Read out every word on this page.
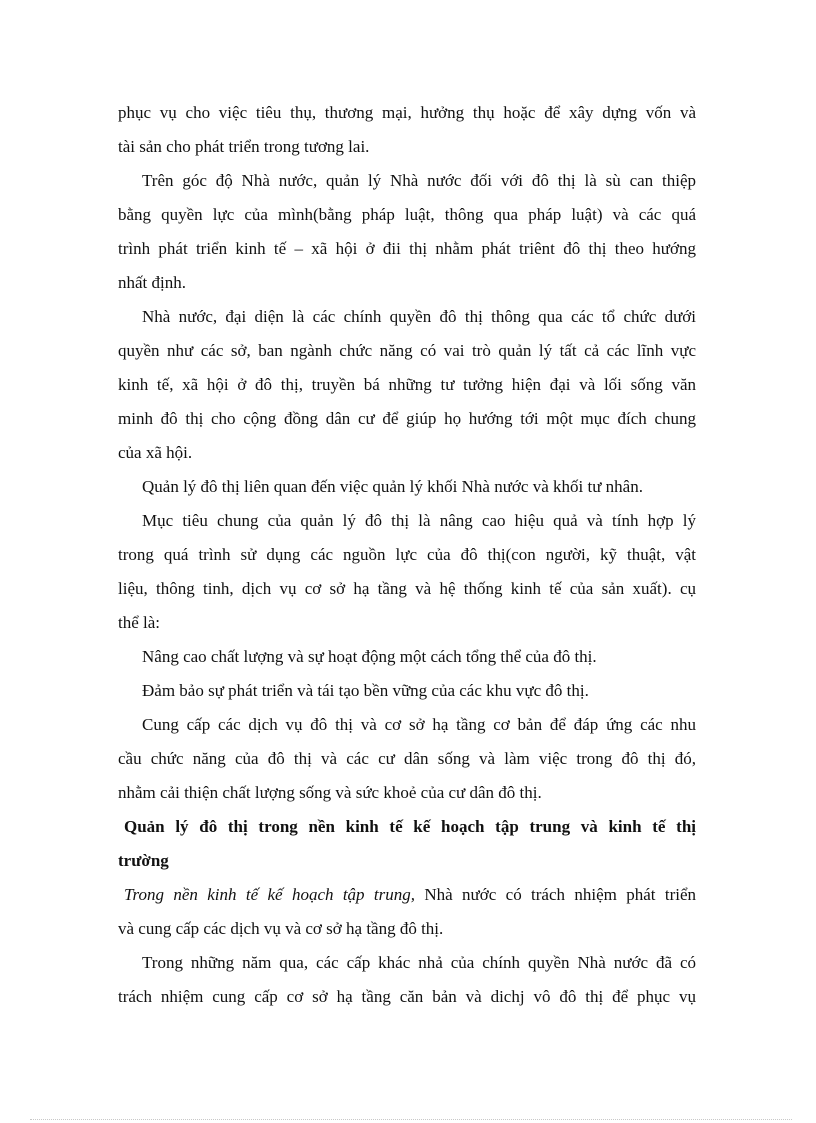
phục vụ cho việc tiêu thụ, thương mại, hưởng thụ hoặc để xây dựng vốn và
tài sản cho phát triển trong tương lai.
Trên góc độ Nhà nước, quản lý Nhà nước đối với đô thị là sù can thiệp
bằng quyền lực của mình(bằng pháp luật, thông qua pháp luật) và các quá
trình phát triển kinh tế – xã hội ở đii thị nhằm phát triênt đô thị theo hướng
nhất định.
Nhà nước, đại diện là các chính quyền đô thị thông qua các tổ chức dưới
quyền như các sở, ban ngành chức năng có vai trò quản lý tất cả các lĩnh vực
kinh tế, xã hội ở đô thị, truyền bá những tư tưởng hiện đại và lối sống văn
minh đô thị cho cộng đồng dân cư để giúp họ hướng tới một mục đích chung
của xã hội.
Quản lý đô thị liên quan đến việc quản lý khối Nhà nước và khối tư nhân.
Mục tiêu chung của quản lý đô thị là nâng cao hiệu quả và tính hợp lý
trong quá trình sử dụng các nguồn lực của đô thị(con người, kỹ thuật, vật
liệu, thông tinh, dịch vụ cơ sở hạ tầng và hệ thống kinh tế của sản xuất). cụ
thể là:
Nâng cao chất lượng và sự hoạt động một cách tổng thể của đô thị.
Đảm bảo sự phát triển và tái tạo bền vững của các khu vực đô thị.
Cung cấp các dịch vụ đô thị và cơ sở hạ tầng cơ bản để đáp ứng các nhu
cầu chức năng của đô thị và các cư dân sống và làm việc trong đô thị đó,
nhằm cải thiện chất lượng sống và sức khoẻ của cư dân đô thị.
Quản lý đô thị trong nền kinh tế kế hoạch tập trung và kinh tế thị
trường
Trong nền kinh tế kế hoạch tập trung, Nhà nước có trách nhiệm phát triển
và cung cấp các dịch vụ và cơ sở hạ tầng đô thị.
Trong những năm qua, các cấp khác nhả của chính quyền Nhà nước đã có
trách nhiệm cung cấp cơ sở hạ tầng căn bản và dichj vô đô thị để phục vụ
